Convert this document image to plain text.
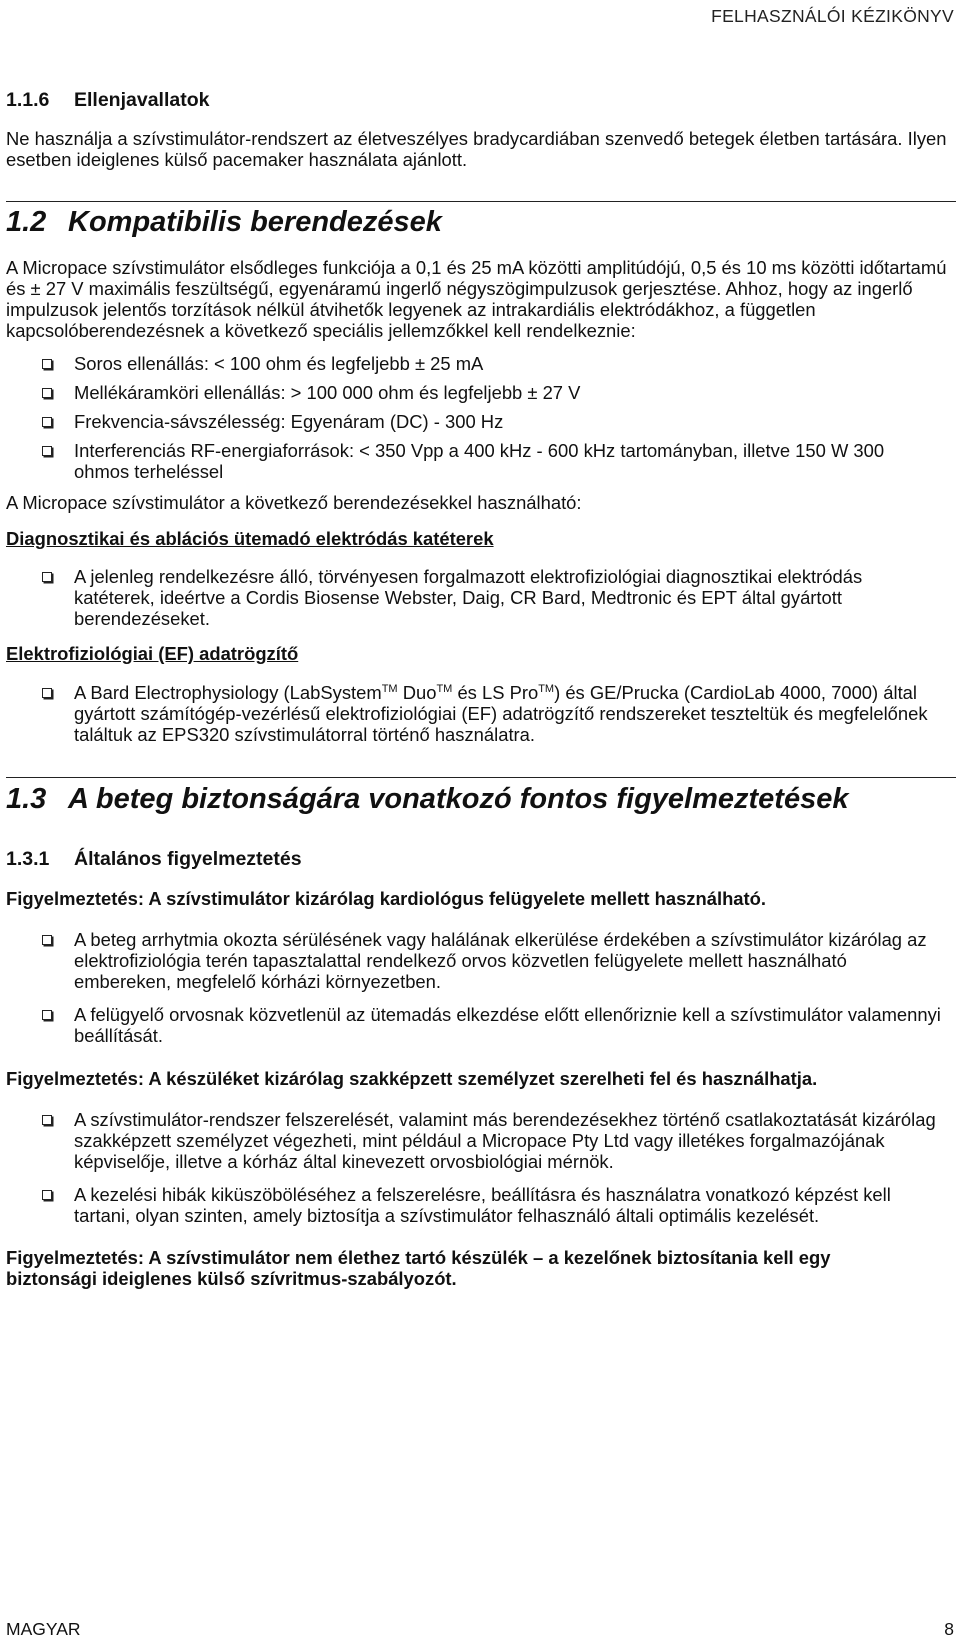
FELHASZNÁLÓI KÉZIKÖNYV
1.1.6	Ellenjavallatok

Ne használja a szívstimulátor-rendszert az életveszélyes bradycardiában szenvedő betegek életben tartására. Ilyen esetben ideiglenes külső pacemaker használata ajánlott.

1.2 Kompatibilis berendezések

A Micropace szívstimulátor elsődleges funkciója a 0,1 és 25 mA közötti amplitúdójú, 0,5 és 10 ms közötti időtartamú és ± 27 V maximális feszültségű, egyenáramú ingerlő négyszögimpulzusok gerjesztése. Ahhoz, hogy az ingerlő impulzusok jelentős torzítások nélkül átvihetők legyenek az intrakardiális elektródákhoz, a független kapcsolóberendezésnek a következő speciális jellemzőkkel kell rendelkeznie:

Soros ellenállás: < 100 ohm és legfeljebb ± 25 mA
Mellékáramköri ellenállás: > 100 000 ohm és legfeljebb ± 27 V
Frekvencia-sávszélesség: Egyenáram (DC) - 300 Hz
Interferenciás RF-energiaforrások: < 350 Vpp a 400 kHz - 600 kHz tartományban, illetve 150 W 300 ohmos terheléssel

A Micropace szívstimulátor a következő berendezésekkel használható:

Diagnosztikai és ablációs ütemadó elektródás katéterek

A jelenleg rendelkezésre álló, törvényesen forgalmazott elektrofiziológiai diagnosztikai elektródás katéterek, ideértve a Cordis Biosense Webster, Daig, CR Bard, Medtronic és EPT által gyártott berendezéseket.

Elektrofiziológiai (EF) adatrögzítő

A Bard Electrophysiology (LabSystem™ Duo™ és LS Pro™) és GE/Prucka (CardioLab 4000, 7000) által gyártott számítógép-vezérlésű elektrofiziológiai (EF) adatrögzítő rendszereket teszteltük és megfelelőnek találtuk az EPS320 szívstimulátorral történő használatra.
1.3 A beteg biztonságára vonatkozó fontos figyelmeztetések
1.3.1	Általános figyelmeztetés

Figyelmeztetés: A szívstimulátor kizárólag kardiológus felügyelete mellett használható.

A beteg arrhytmia okozta sérülésének vagy halálának elkerülése érdekében a szívstimulátor kizárólag az elektrofiziológia terén tapasztalattal rendelkező orvos közvetlen felügyelete mellett használható embereken, megfelelő kórházi környezetben.
A felügyelő orvosnak közvetlenül az ütemadás elkezdése előtt ellenőriznie kell a szívstimulátor valamennyi beállítását.

Figyelmeztetés: A készüléket kizárólag szakképzett személyzet szerelheti fel és használhatja.

A szívstimulátor-rendszer felszerelését, valamint más berendezésekhez történő csatlakoztatását kizárólag szakképzett személyzet végezheti, mint például a Micropace Pty Ltd vagy illetékes forgalmazójának képviselője, illetve a kórház által kinevezett orvosbiológiai mérnök.
A kezelési hibák kiküszöböléséhez a felszerelésre, beállításra és használatra vonatkozó képzést kell tartani, olyan szinten, amely biztosítja a szívstimulátor felhasználó általi optimális kezelését.

Figyelmeztetés: A szívstimulátor nem élethez tartó készülék – a kezelőnek biztosítania kell egy biztonsági ideiglenes külső szívritmus-szabályozót.

MAGYAR	8
